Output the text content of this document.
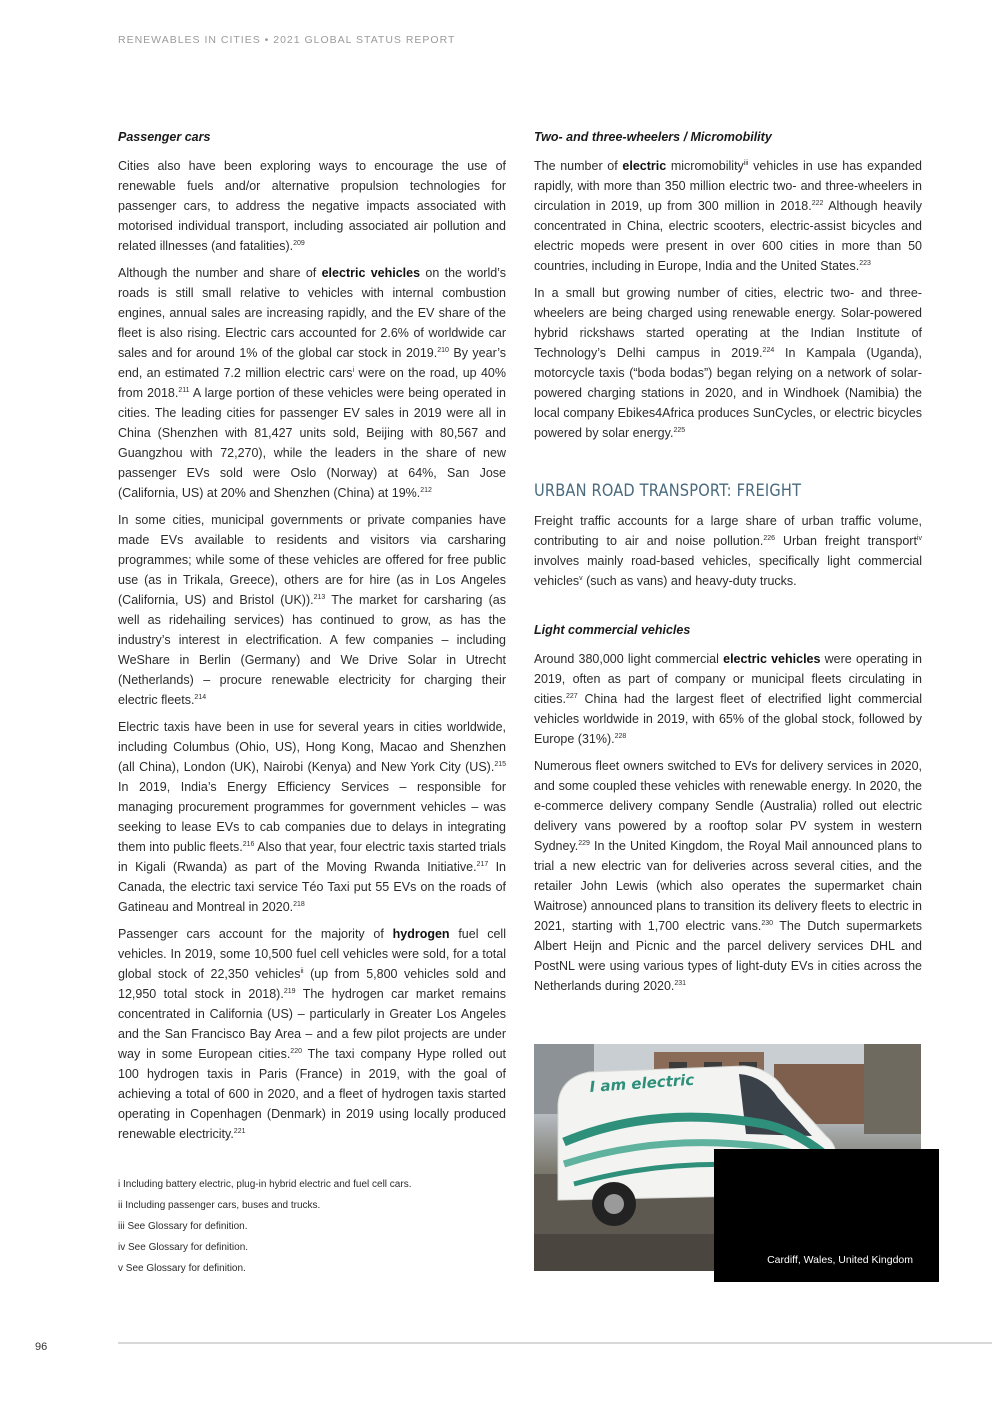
RENEWABLES IN CITIES • 2021 GLOBAL STATUS REPORT
Passenger cars

Cities also have been exploring ways to encourage the use of renewable fuels and/or alternative propulsion technologies for passenger cars, to address the negative impacts associated with motorised individual transport, including associated air pollution and related illnesses (and fatalities).$^{209}$

Although the number and share of electric vehicles on the world’s roads is still small relative to vehicles with internal combustion engines, annual sales are increasing rapidly, and the EV share of the fleet is also rising. Electric cars accounted for 2.6% of worldwide car sales and for around 1% of the global car stock in 2019.$^{210}$ By year’s end, an estimated 7.2 million electric cars$^i$ were on the road, up 40% from 2018.$^{211}$ A large portion of these vehicles were being operated in cities. The leading cities for passenger EV sales in 2019 were all in China (Shenzhen with 81,427 units sold, Beijing with 80,567 and Guangzhou with 72,270), while the leaders in the share of new passenger EVs sold were Oslo (Norway) at 64%, San Jose (California, US) at 20% and Shenzhen (China) at 19%.$^{212}$

In some cities, municipal governments or private companies have made EVs available to residents and visitors via carsharing programmes; while some of these vehicles are offered for free public use (as in Trikala, Greece), others are for hire (as in Los Angeles (California, US) and Bristol (UK)).$^{213}$ The market for carsharing (as well as ridehailing services) has continued to grow, as has the industry’s interest in electrification. A few companies – including WeShare in Berlin (Germany) and We Drive Solar in Utrecht (Netherlands) – procure renewable electricity for charging their electric fleets.$^{214}$

Electric taxis have been in use for several years in cities worldwide, including Columbus (Ohio, US), Hong Kong, Macao and Shenzhen (all China), London (UK), Nairobi (Kenya) and New York City (US).$^{215}$ In 2019, India’s Energy Efficiency Services – responsible for managing procurement programmes for government vehicles – was seeking to lease EVs to cab companies due to delays in integrating them into public fleets.$^{216}$ Also that year, four electric taxis started trials in Kigali (Rwanda) as part of the Moving Rwanda Initiative.$^{217}$ In Canada, the electric taxi service Téo Taxi put 55 EVs on the roads of Gatineau and Montreal in 2020.$^{218}$

Passenger cars account for the majority of hydrogen fuel cell vehicles. In 2019, some 10,500 fuel cell vehicles were sold, for a total global stock of 22,350 vehicles$^{ii}$ (up from 5,800 vehicles sold and 12,950 total stock in 2018).$^{219}$ The hydrogen car market remains concentrated in California (US) – particularly in Greater Los Angeles and the San Francisco Bay Area – and a few pilot projects are under way in some European cities.$^{220}$ The taxi company Hype rolled out 100 hydrogen taxis in Paris (France) in 2019, with the goal of achieving a total of 600 in 2020, and a fleet of hydrogen taxis started operating in Copenhagen (Denmark) in 2019 using locally produced renewable electricity.$^{221}$

i Including battery electric, plug-in hybrid electric and fuel cell cars.
ii Including passenger cars, buses and trucks.
iii See Glossary for definition.
iv See Glossary for definition.
v See Glossary for definition.
Two- and three-wheelers / Micromobility

The number of electric micromobility$^{iii}$ vehicles in use has expanded rapidly, with more than 350 million electric two- and three-wheelers in circulation in 2019, up from 300 million in 2018.$^{222}$ Although heavily concentrated in China, electric scooters, electric-assist bicycles and electric mopeds were present in over 600 cities in more than 50 countries, including in Europe, India and the United States.$^{223}$

In a small but growing number of cities, electric two- and three-wheelers are being charged using renewable energy. Solar-powered hybrid rickshaws started operating at the Indian Institute of Technology’s Delhi campus in 2019.$^{224}$ In Kampala (Uganda), motorcycle taxis (“boda bodas”) began relying on a network of solar-powered charging stations in 2020, and in Windhoek (Namibia) the local company Ebikes4Africa produces SunCycles, or electric bicycles powered by solar energy.$^{225}$

URBAN ROAD TRANSPORT: FREIGHT

Freight traffic accounts for a large share of urban traffic volume, contributing to air and noise pollution.$^{226}$ Urban freight transport$^{iv}$ involves mainly road-based vehicles, specifically light commercial vehicles$^v$ (such as vans) and heavy-duty trucks.

Light commercial vehicles

Around 380,000 light commercial electric vehicles were operating in 2019, often as part of company or municipal fleets circulating in cities.$^{227}$ China had the largest fleet of electrified light commercial vehicles worldwide in 2019, with 65% of the global stock, followed by Europe (31%).$^{228}$

Numerous fleet owners switched to EVs for delivery services in 2020, and some coupled these vehicles with renewable energy. In 2020, the e-commerce delivery company Sendle (Australia) rolled out electric delivery vans powered by a rooftop solar PV system in western Sydney.$^{229}$ In the United Kingdom, the Royal Mail announced plans to trial a new electric van for deliveries across several cities, and the retailer John Lewis (which also operates the supermarket chain Waitrose) announced plans to transition its delivery fleets to electric in 2021, starting with 1,700 electric vans.$^{230}$ The Dutch supermarkets Albert Heijn and Picnic and the parcel delivery services DHL and PostNL were using various types of light-duty EVs in cities across the Netherlands during 2020.$^{231}$

I am electric
Cardiff, Wales, United Kingdom
96
